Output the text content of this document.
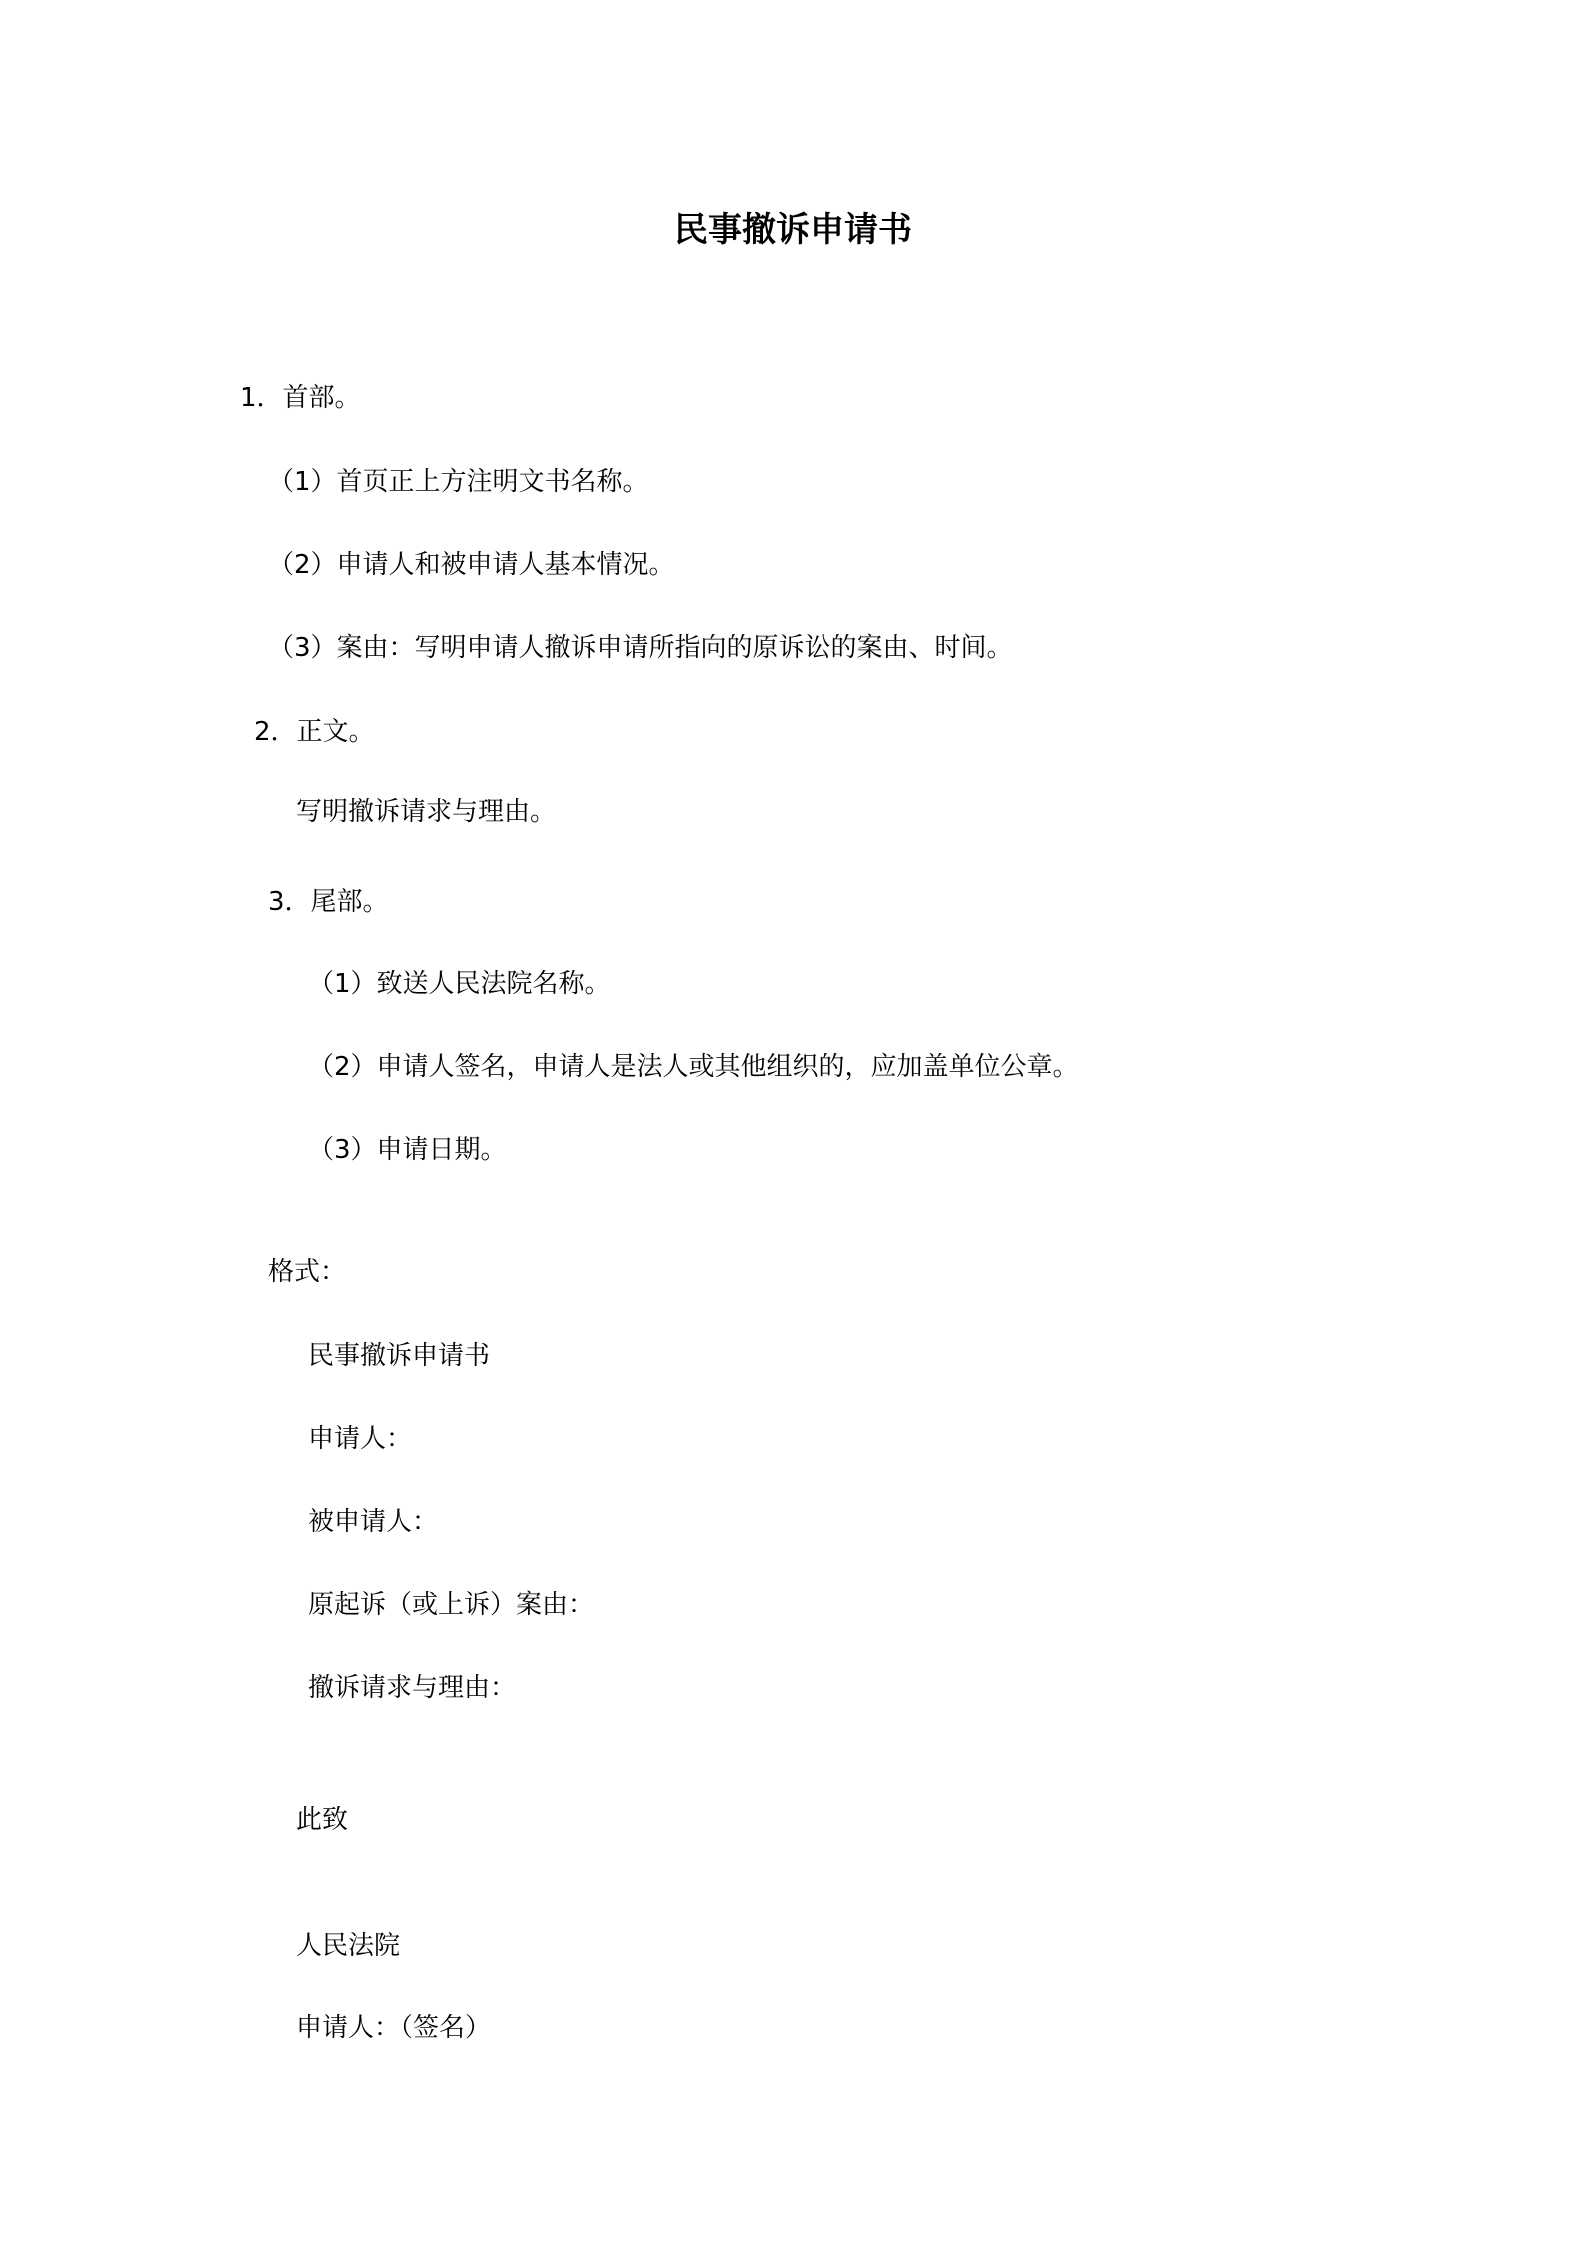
民事撤诉申请书
1．首部。
（1）首页正上方注明文书名称。
（2）申请人和被申请人基本情况。
（3）案由：写明申请人撤诉申请所指向的原诉讼的案由、时间。
2．正文。
写明撤诉请求与理由。
3．尾部。
（1）致送人民法院名称。
（2）申请人签名，申请人是法人或其他组织的，应加盖单位公章。
（3）申请日期。
格式：
民事撤诉申请书
申请人：
被申请人：
原起诉（或上诉）案由：
撤诉请求与理由：
此致
人民法院
申请人：（签名）
